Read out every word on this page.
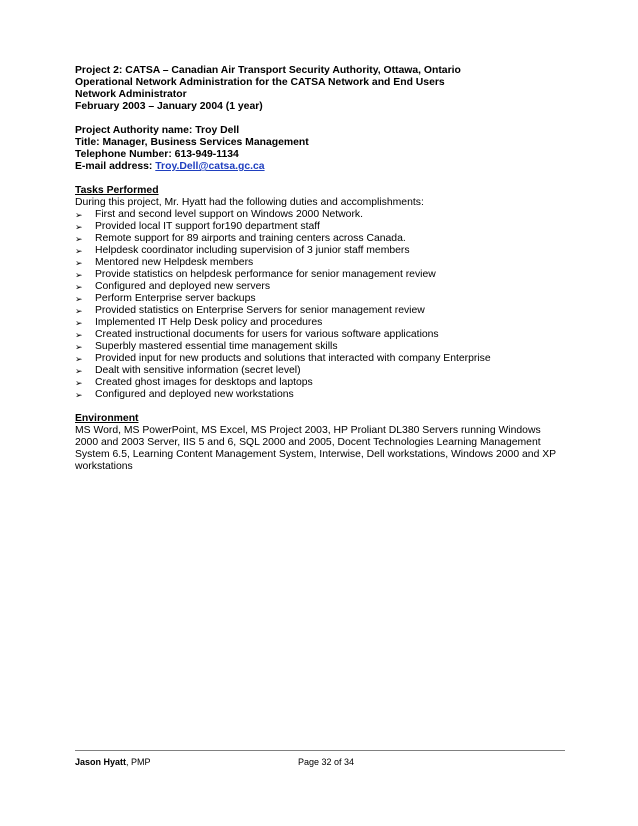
Project 2: CATSA – Canadian Air Transport Security Authority, Ottawa, Ontario
Operational Network Administration for the CATSA Network and End Users
Network Administrator
February 2003 – January 2004 (1 year)
Project Authority name: Troy Dell
Title: Manager, Business Services Management
Telephone Number: 613-949-1134
E-mail address: Troy.Dell@catsa.gc.ca
Tasks Performed
During this project, Mr. Hyatt had the following duties and accomplishments:
➢	First and second level support on Windows 2000 Network.
➢	Provided local IT support for190 department staff
➢	Remote support for 89 airports and training centers across Canada.
➢	Helpdesk coordinator including supervision of 3 junior staff members
➢	Mentored new Helpdesk members
➢	Provide statistics on helpdesk performance for senior management review
➢	Configured and deployed new servers
➢	Perform Enterprise server backups
➢	Provided statistics on Enterprise Servers for senior management review
➢	Implemented IT Help Desk policy and procedures
➢	Created instructional documents for users for various software applications
➢	Superbly mastered essential time management skills
➢	Provided input for new products and solutions that interacted with company Enterprise
➢	Dealt with sensitive information (secret level)
➢	Created ghost images for desktops and laptops
➢	Configured and deployed new workstations
Environment
MS Word, MS PowerPoint, MS Excel, MS Project 2003, HP Proliant DL380 Servers running Windows 2000 and 2003 Server, IIS 5 and 6, SQL 2000 and 2005, Docent Technologies Learning Management System 6.5, Learning Content Management System, Interwise, Dell workstations, Windows 2000 and XP workstations
Jason Hyatt, PMP	Page 32 of 34
